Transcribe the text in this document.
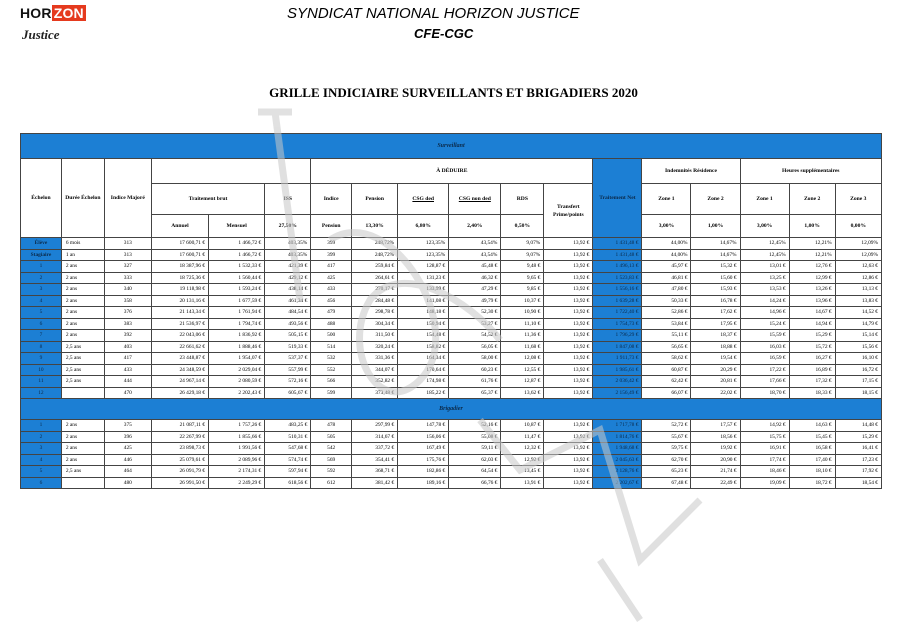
HOR ZON
Justice
SYNDICAT NATIONAL HORIZON JUSTICE
CFE-CGC
GRILLE INDICIAIRE SURVEILLANTS ET BRIGADIERS 2020
Surveillant																	
Échelon	Durée Échelon	Indice Majoré				À DÉDUIRE						Traitement Net	Indemnités Résidence		Heures supplémentaires		
			Traitement brut		ISS	Indice	Pension	CSG ded	CSG non ded	RDS	Transfert Prime/points		Zone 1	Zone 2	Zone 1	Zone 2	Zone 3
			Annuel	Mensuel	27,50%	Pension	13,30%	6,80%	2,40%	0,50%			3,00%	1,00%	3,00%	1,00%	0,00%
Élève	6 mois	313	17 600,71 €	1 466,72 €	403,35%	399	248,72%	123,35%	43,54%	9,07%	13,92 €	1 431,48 €	44,00%	14,67%	12,45%	12,21%	12,09%
Stagiaire	1 an	313	17 600,71 €	1 466,72 €	403,35%	399	248,72%	123,35%	43,54%	9,07%	13,92 €	1 431,48 €	44,00%	14,67%	12,45%	12,21%	12,09%
1	2 ans	327	18 387,96 €	1 532,33 €	421,39 €	417	259,84 €	128,87 €	45,48 €	9,48 €	13,92 €	1 496,13 €	45,97 €	15,32 €	13,01 €	12,76 €	12,63 €
2	2 ans	333	18 725,36 €	1 560,44 €	429,12 €	425	264,61 €	131,23 €	46,32 €	9,65 €	13,92 €	1 523,83 €	46,81 €	15,60 €	13,25 €	12,99 €	12,86 €
3	2 ans	340	19 118,98 €	1 593,24 €	438,14 €	433	270,17 €	133,99 €	47,29 €	9,85 €	13,92 €	1 556,16 €	47,80 €	15,93 €	13,53 €	13,26 €	13,13 €
4	2 ans	358	20 131,16 €	1 677,59 €	461,34 €	456	284,48 €	141,08 €	49,79 €	10,37 €	13,92 €	1 639,28 €	50,33 €	16,78 €	14,24 €	13,96 €	13,83 €
5	2 ans	376	21 143,34 €	1 761,94 €	484,54 €	479	298,78 €	148,18 €	52,30 €	10,90 €	13,92 €	1 722,40 €	52,86 €	17,62 €	14,96 €	14,67 €	14,52 €
6	2 ans	383	21 536,97 €	1 794,74 €	493,56 €	488	304,34 €	150,94 €	53,27 €	11,10 €	13,92 €	1 754,73 €	53,84 €	17,95 €	15,24 €	14,94 €	14,79 €
7	2 ans	392	22 043,06 €	1 836,92 €	505,15 €	500	311,50 €	154,48 €	54,52 €	11,36 €	13,92 €	1 796,29 €	55,11 €	18,37 €	15,59 €	15,29 €	15,14 €
8	2,5 ans	403	22 661,62 €	1 888,46 €	519,33 €	514	320,24 €	158,82 €	56,05 €	11,68 €	13,92 €	1 847,08 €	56,65 €	18,88 €	16,03 €	15,72 €	15,56 €
9	2,5 ans	417	23 448,87 €	1 954,07 €	537,37 €	532	331,36 €	164,34 €	58,00 €	12,08 €	13,92 €	1 911,73 €	58,62 €	19,54 €	16,59 €	16,27 €	16,10 €
10	2,5 ans	433	24 348,59 €	2 029,04 €	557,99 €	552	344,07 €	170,64 €	60,23 €	12,55 €	13,92 €	1 985,61 €	60,87 €	20,29 €	17,22 €	16,89 €	16,72 €
11	2,5 ans	444	24 967,14 €	2 080,59 €	572,16 €	566	352,82 €	174,98 €	61,76 €	12,87 €	13,92 €	2 036,42 €	62,42 €	20,81 €	17,66 €	17,32 €	17,15 €
12		470	26 429,18 €	2 202,43 €	605,67 €	599	373,48 €	185,22 €	65,37 €	13,62 €	13,92 €	2 156,49 €	66,07 €	22,02 €	18,70 €	18,33 €	18,15 €
Brigadier																	
1	2 ans	375	21 087,11 €	1 757,26 €	483,25 €	478	297,99 €	147,78 €	52,16 €	10,87 €	13,92 €	1 717,78 €	52,72 €	17,57 €	14,92 €	14,63 €	14,48 €
2	2 ans	396	22 267,99 €	1 855,66 €	510,31 €	505	314,67 €	156,06 €	55,08 €	11,47 €	13,92 €	1 814,76 €	55,67 €	18,56 €	15,75 €	15,45 €	15,29 €
3	2 ans	425	23 898,73 €	1 991,56 €	547,68 €	542	337,72 €	167,49 €	59,11 €	12,32 €	13,92 €	1 948,68 €	59,75 €	19,92 €	16,91 €	16,58 €	16,41 €
4	2 ans	446	25 079,61 €	2 089,96 €	574,74 €	569	354,41 €	175,76 €	62,03 €	12,92 €	13,92 €	2 045,63 €	62,70 €	20,90 €	17,74 €	17,40 €	17,23 €
5	2,5 ans	464	26 091,79 €	2 174,31 €	597,94 €	592	368,71 €	182,86 €	64,54 €	13,45 €	13,92 €	2 128,76 €	65,23 €	21,74 €	18,46 €	18,10 €	17,92 €
6		480	26 991,50 €	2 249,29 €	618,56 €	612	381,42 €	189,16 €	66,76 €	13,91 €	13,92 €	2 202,67 €	67,48 €	22,49 €	19,09 €	18,72 €	18,54 €
